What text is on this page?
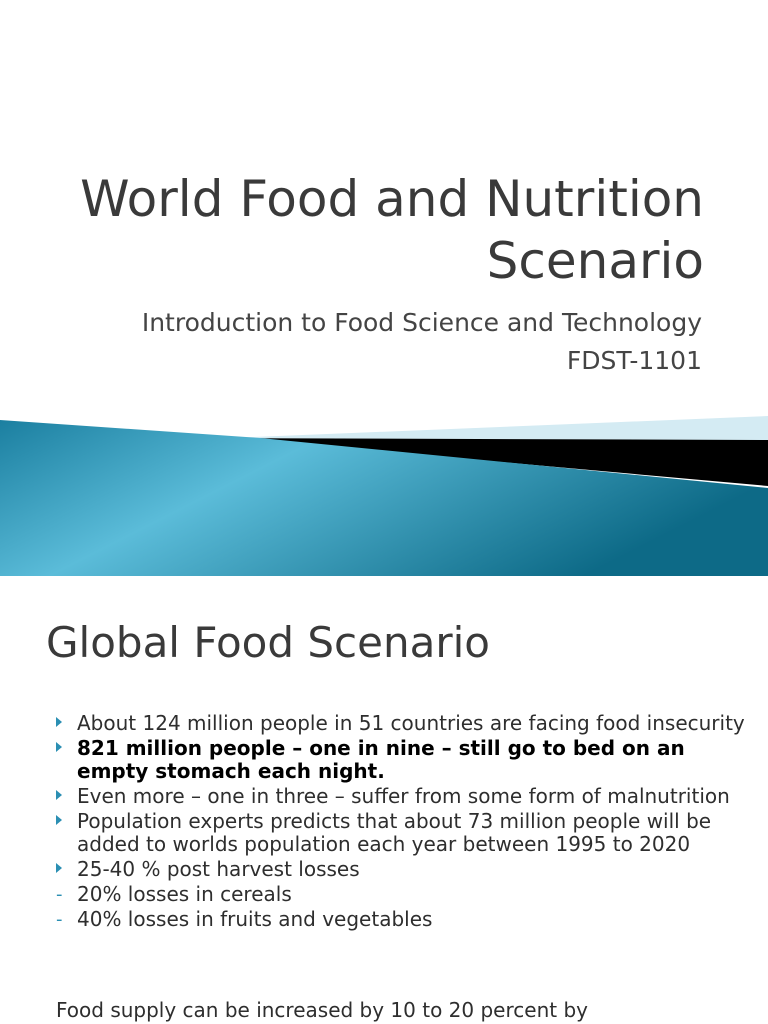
World Food and Nutrition
Scenario
Introduction to Food Science and Technology
FDST-1101
Global Food Scenario
About 124 million people in 51 countries are facing food insecurity
821 million people – one in nine – still go to bed on an empty stomach each night.
Even more – one in three – suffer from some form of malnutrition
Population experts predicts that about 73 million people will be added to worlds population each year between 1995 to 2020
25-40 % post harvest losses
- 20% losses in cereals
- 40% losses in fruits and vegetables
Food supply can be increased by 10 to 20 percent by
